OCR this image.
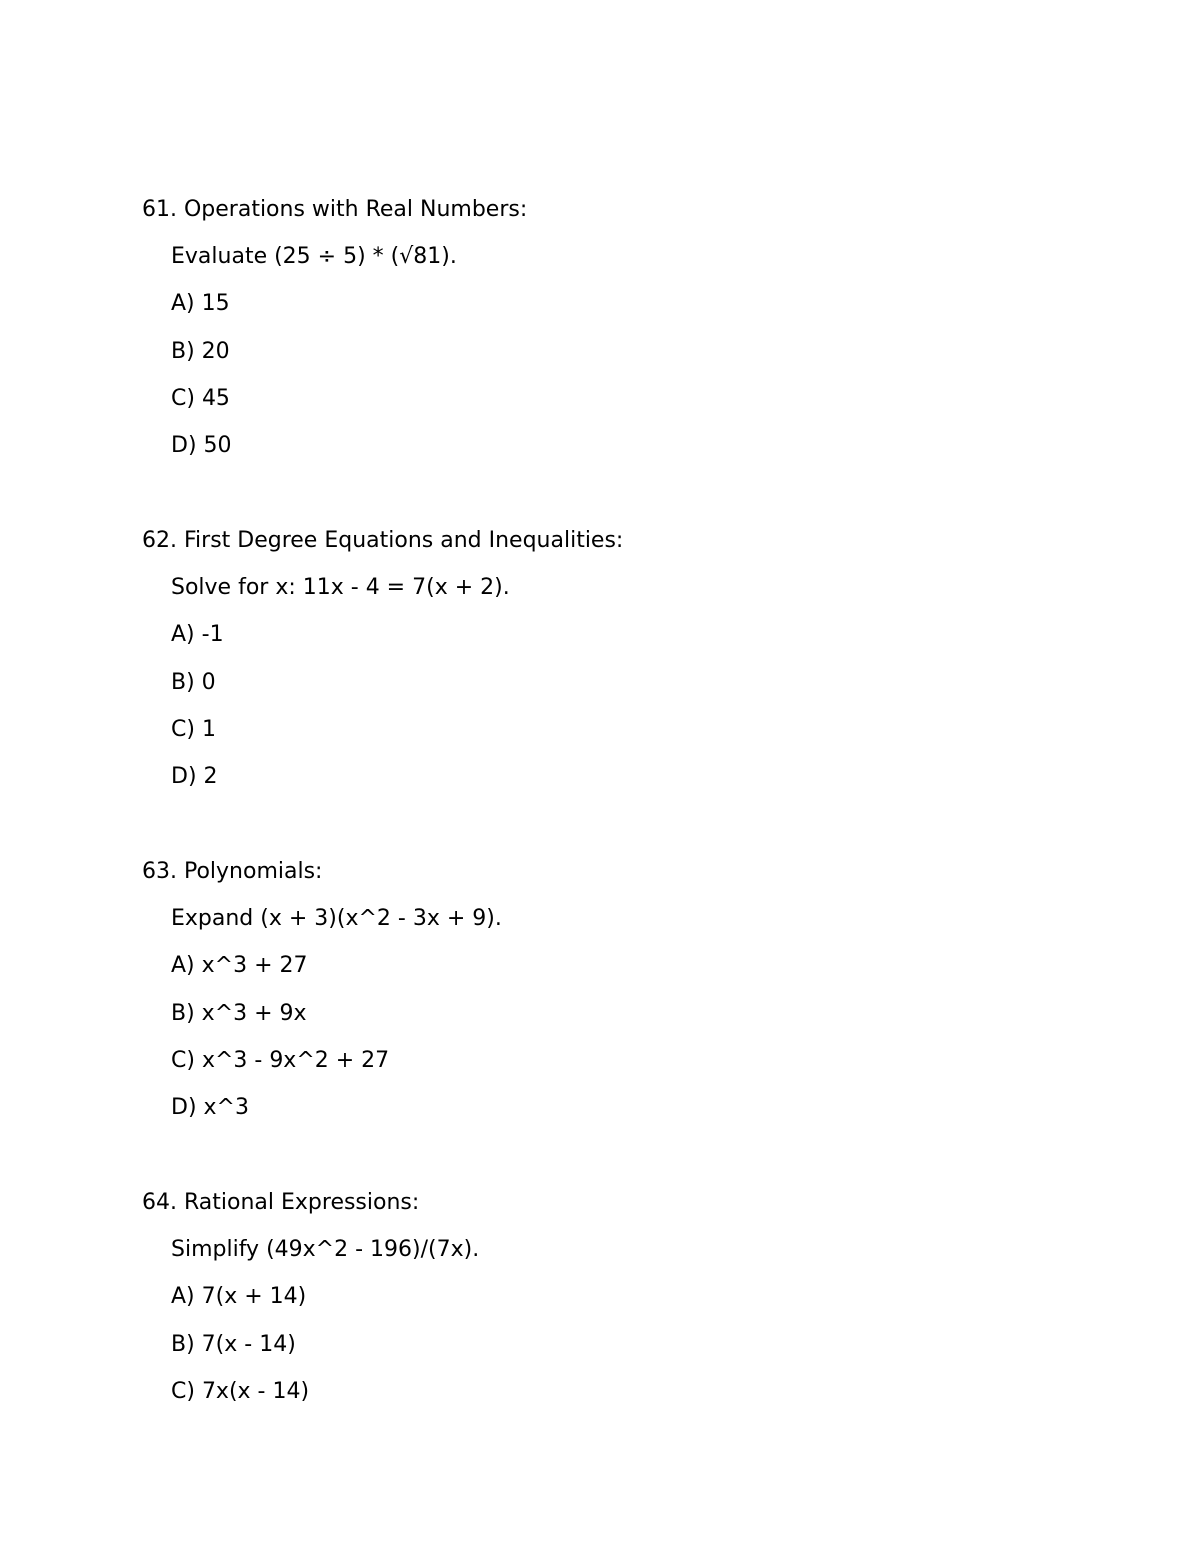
61. Operations with Real Numbers:
Evaluate (25 ÷ 5) * (√81).
A) 15
B) 20
C) 45
D) 50
62. First Degree Equations and Inequalities:
Solve for x: 11x - 4 = 7(x + 2).
A) -1
B) 0
C) 1
D) 2
63. Polynomials:
Expand (x + 3)(x^2 - 3x + 9).
A) x^3 + 27
B) x^3 + 9x
C) x^3 - 9x^2 + 27
D) x^3
64. Rational Expressions:
Simplify (49x^2 - 196)/(7x).
A) 7(x + 14)
B) 7(x - 14)
C) 7x(x - 14)
